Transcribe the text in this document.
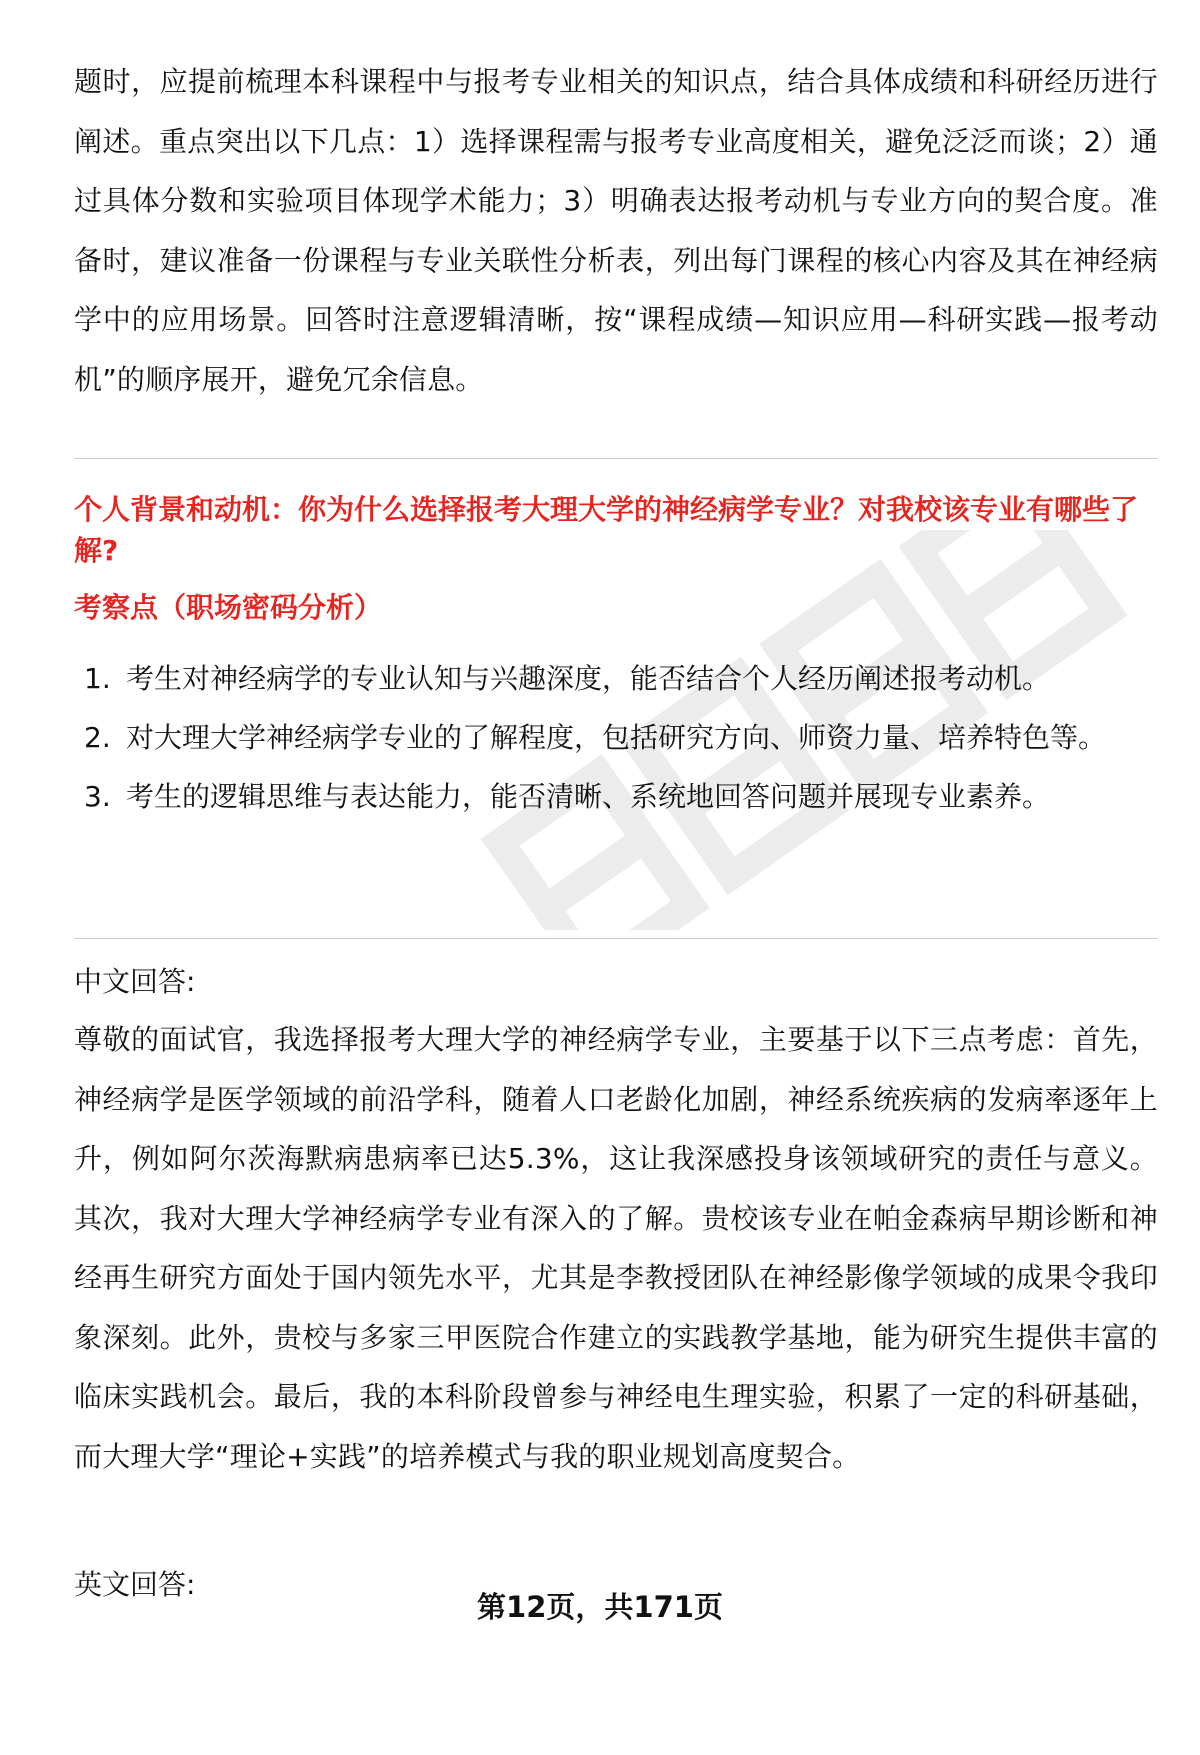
题时，应提前梳理本科课程中与报考专业相关的知识点，结合具体成绩和科研经历进行阐述。重点突出以下几点：1）选择课程需与报考专业高度相关，避免泛泛而谈；2）通过具体分数和实验项目体现学术能力；3）明确表达报考动机与专业方向的契合度。准备时，建议准备一份课程与专业关联性分析表，列出每门课程的核心内容及其在神经病学中的应用场景。回答时注意逻辑清晰，按“课程成绩—知识应用—科研实践—报考动机”的顺序展开，避免冗余信息。

个人背景和动机：你为什么选择报考大理大学的神经病学专业？对我校该专业有哪些了解?

考察点（职场密码分析）

1. 考生对神经病学的专业认知与兴趣深度，能否结合个人经历阐述报考动机。
2. 对大理大学神经病学专业的了解程度，包括研究方向、师资力量、培养特色等。
3. 考生的逻辑思维与表达能力，能否清晰、系统地回答问题并展现专业素养。

中文回答:

尊敬的面试官，我选择报考大理大学的神经病学专业，主要基于以下三点考虑：首先，神经病学是医学领域的前沿学科，随着人口老龄化加剧，神经系统疾病的发病率逐年上升，例如阿尔茨海默病患病率已达5.3%，这让我深感投身该领域研究的责任与意义。其次，我对大理大学神经病学专业有深入的了解。贵校该专业在帕金森病早期诊断和神经再生研究方面处于国内领先水平，尤其是李教授团队在神经影像学领域的成果令我印象深刻。此外，贵校与多家三甲医院合作建立的实践教学基地，能为研究生提供丰富的临床实践机会。最后，我的本科阶段曾参与神经电生理实验，积累了一定的科研基础，而大理大学“理论+实践”的培养模式与我的职业规划高度契合。

英文回答:

第12页，共171页
